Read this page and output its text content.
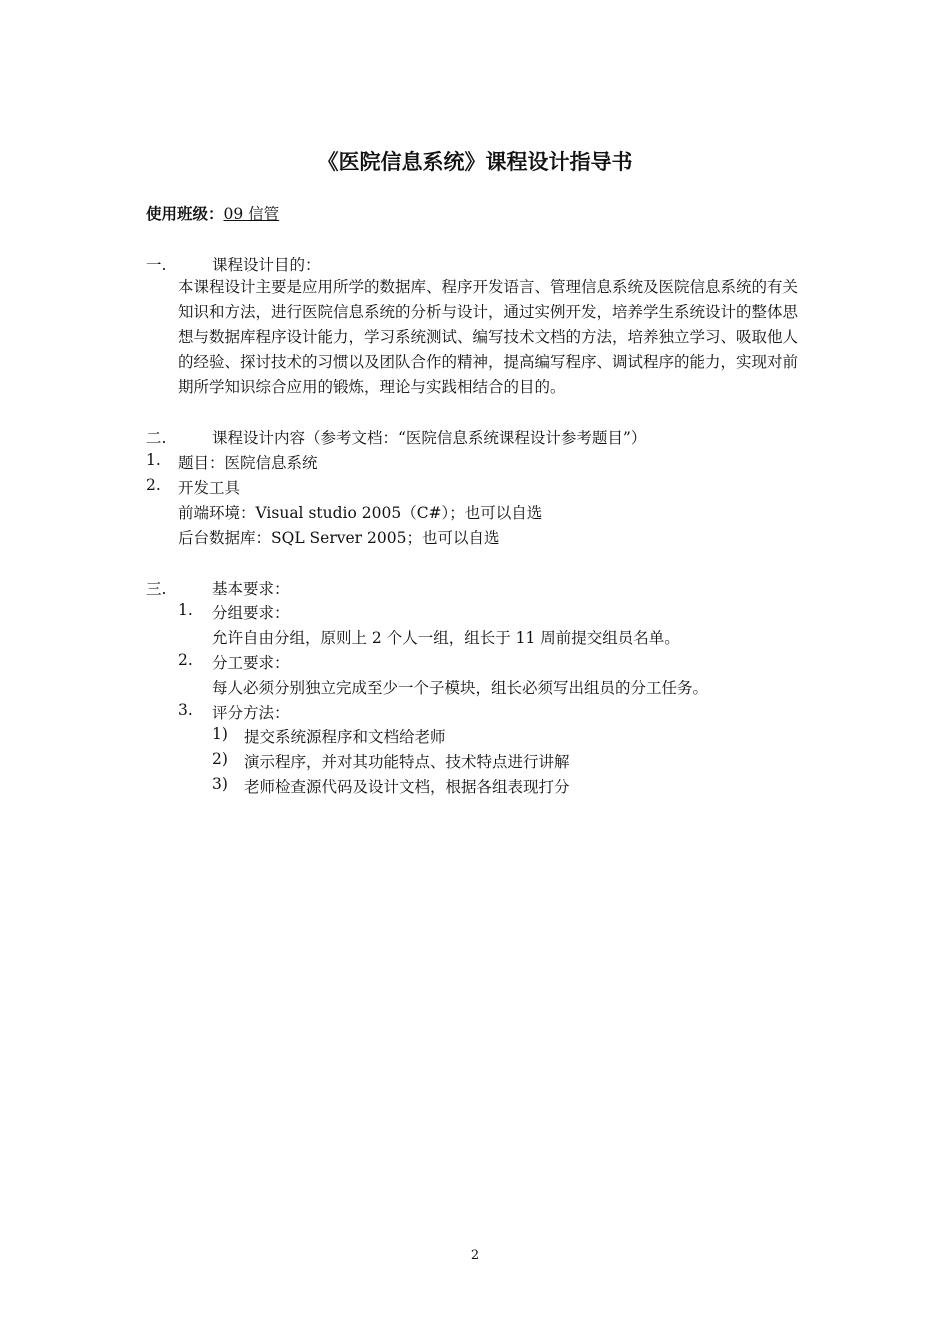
《医院信息系统》课程设计指导书
使用班级：09 信管
一.	课程设计目的：
本课程设计主要是应用所学的数据库、程序开发语言、管理信息系统及医院信息系统的有关知识和方法，进行医院信息系统的分析与设计，通过实例开发，培养学生系统设计的整体思想与数据库程序设计能力，学习系统测试、编写技术文档的方法，培养独立学习、吸取他人的经验、探讨技术的习惯以及团队合作的精神，提高编写程序、调试程序的能力，实现对前期所学知识综合应用的锻炼，理论与实践相结合的目的。
二.	课程设计内容（参考文档：“医院信息系统课程设计参考题目”）
1. 题目：医院信息系统
2. 开发工具
前端环境：Visual studio 2005（C#）；也可以自选
后台数据库：SQL Server 2005；也可以自选
三.	基本要求：
1. 分组要求：
允许自由分组，原则上 2 个人一组，组长于 11 周前提交组员名单。
2. 分工要求：
每人必须分别独立完成至少一个子模块，组长必须写出组员的分工任务。
3. 评分方法：
1) 提交系统源程序和文档给老师
2) 演示程序，并对其功能特点、技术特点进行讲解
3) 老师检查源代码及设计文档，根据各组表现打分
2
